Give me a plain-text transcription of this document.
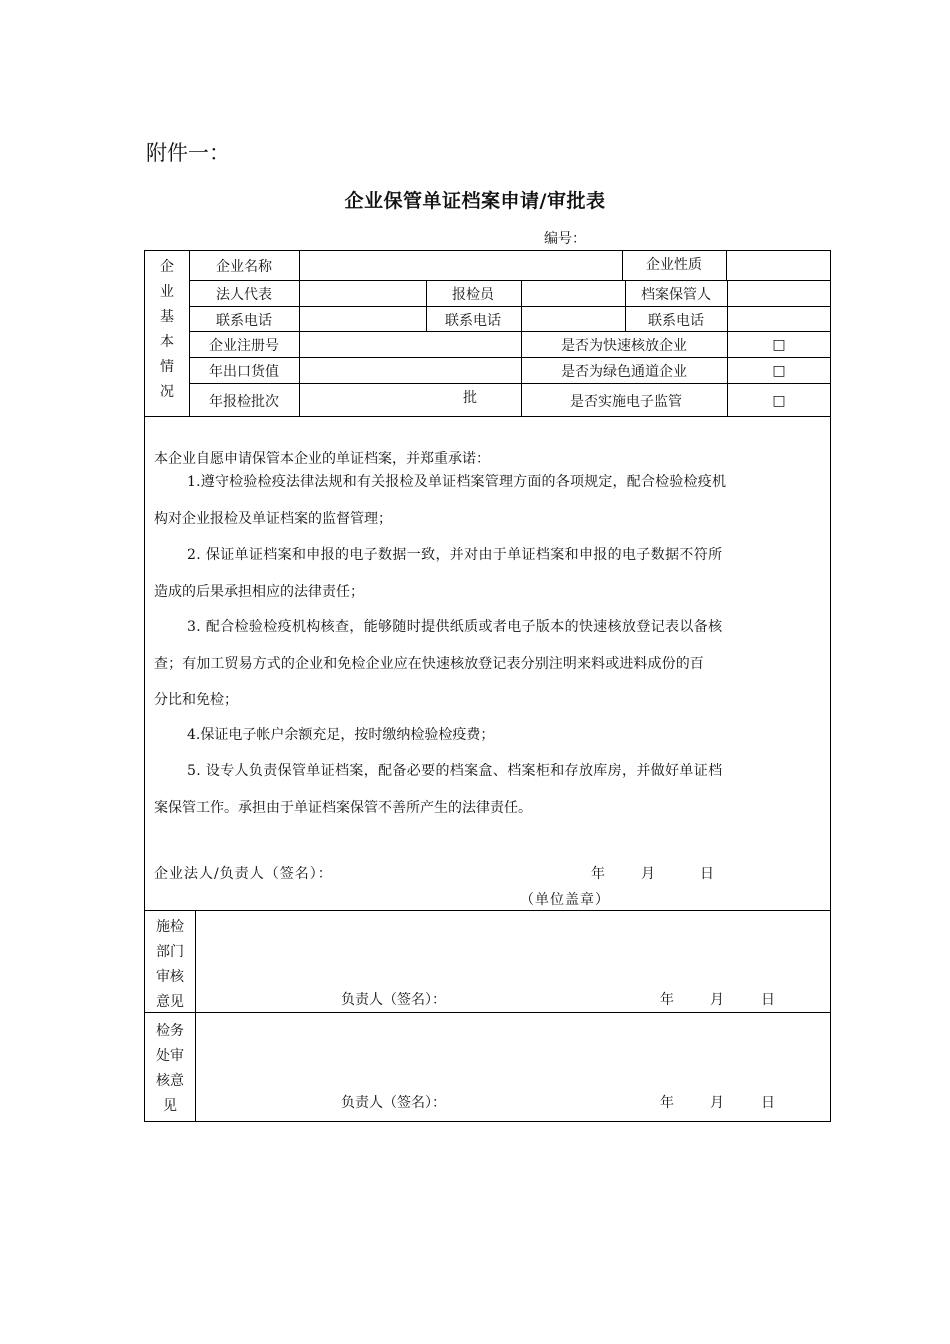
附件一：
企业保管单证档案申请/审批表
编号：
企
业
基
本
情
况
企业名称	企业性质
法人代表	报检员	档案保管人
联系电话	联系电话	联系电话
企业注册号	是否为快速核放企业	□
年出口货值	是否为绿色通道企业	□
年报检批次	批	是否实施电子监管	□
本企业自愿申请保管本企业的单证档案，并郑重承诺：
1.遵守检验检疫法律法规和有关报检及单证档案管理方面的各项规定，配合检验检疫机
构对企业报检及单证档案的监督管理；
2. 保证单证档案和申报的电子数据一致，并对由于单证档案和申报的电子数据不符所
造成的后果承担相应的法律责任；
3. 配合检验检疫机构核查，能够随时提供纸质或者电子版本的快速核放登记表以备核
查；有加工贸易方式的企业和免检企业应在快速核放登记表分别注明来料或进料成份的百
分比和免检；
4.保证电子帐户余额充足，按时缴纳检验检疫费；
5. 设专人负责保管单证档案，配备必要的档案盒、档案柜和存放库房，并做好单证档
案保管工作。承担由于单证档案保管不善所产生的法律责任。
企业法人/负责人（签名）：	年	月	日
（单位盖章）
施检
部门
审核
意见	负责人（签名）：	年	月	日
检务
处审
核意
见	负责人（签名）：	年	月	日
